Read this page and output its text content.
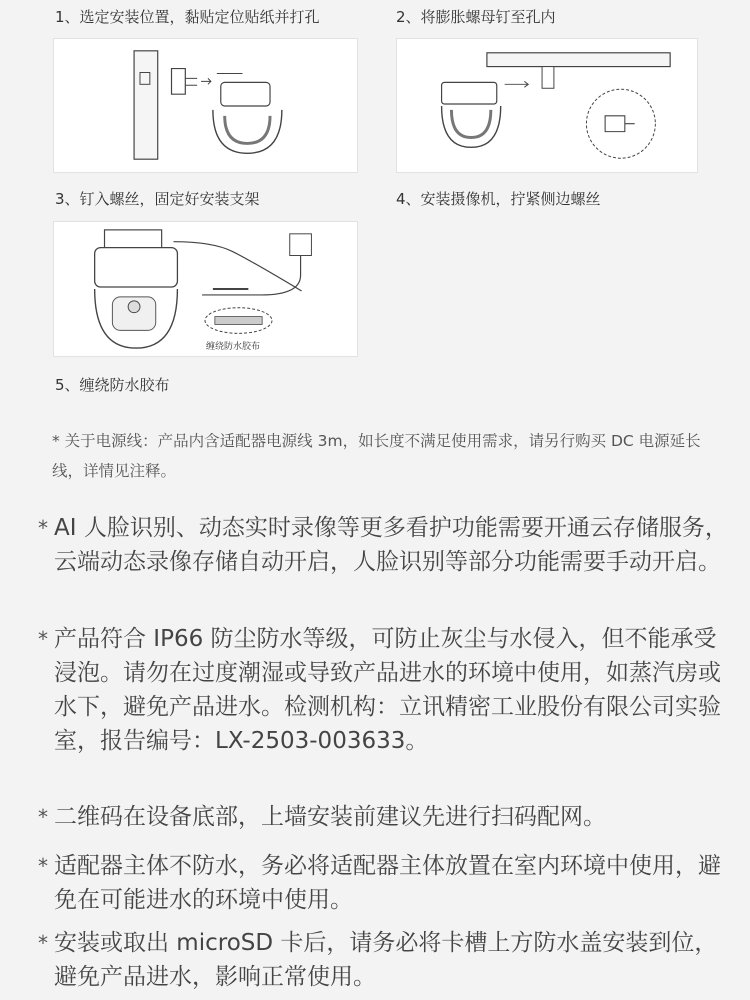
1、选定安装位置，黏贴定位贴纸并打孔	2、将膨胀螺母钉至孔内
3、钉入螺丝，固定好安装支架	4、安装摄像机，拧紧侧边螺丝
缠绕防水胶布
5、缠绕防水胶布
* 关于电源线：产品内含适配器电源线 3m，如长度不满足使用需求，请另行购买 DC 电源延长线，详情见注释。
* AI 人脸识别、动态实时录像等更多看护功能需要开通云存储服务，云端动态录像存储自动开启，人脸识别等部分功能需要手动开启。
* 产品符合 IP66 防尘防水等级，可防止灰尘与水侵入，但不能承受浸泡。请勿在过度潮湿或导致产品进水的环境中使用，如蒸汽房或水下，避免产品进水。检测机构：立讯精密工业股份有限公司实验室，报告编号：LX-2503-003633。
* 二维码在设备底部，上墙安装前建议先进行扫码配网。
* 适配器主体不防水，务必将适配器主体放置在室内环境中使用，避免在可能进水的环境中使用。
* 安装或取出 microSD 卡后，请务必将卡槽上方防水盖安装到位，避免产品进水，影响正常使用。
